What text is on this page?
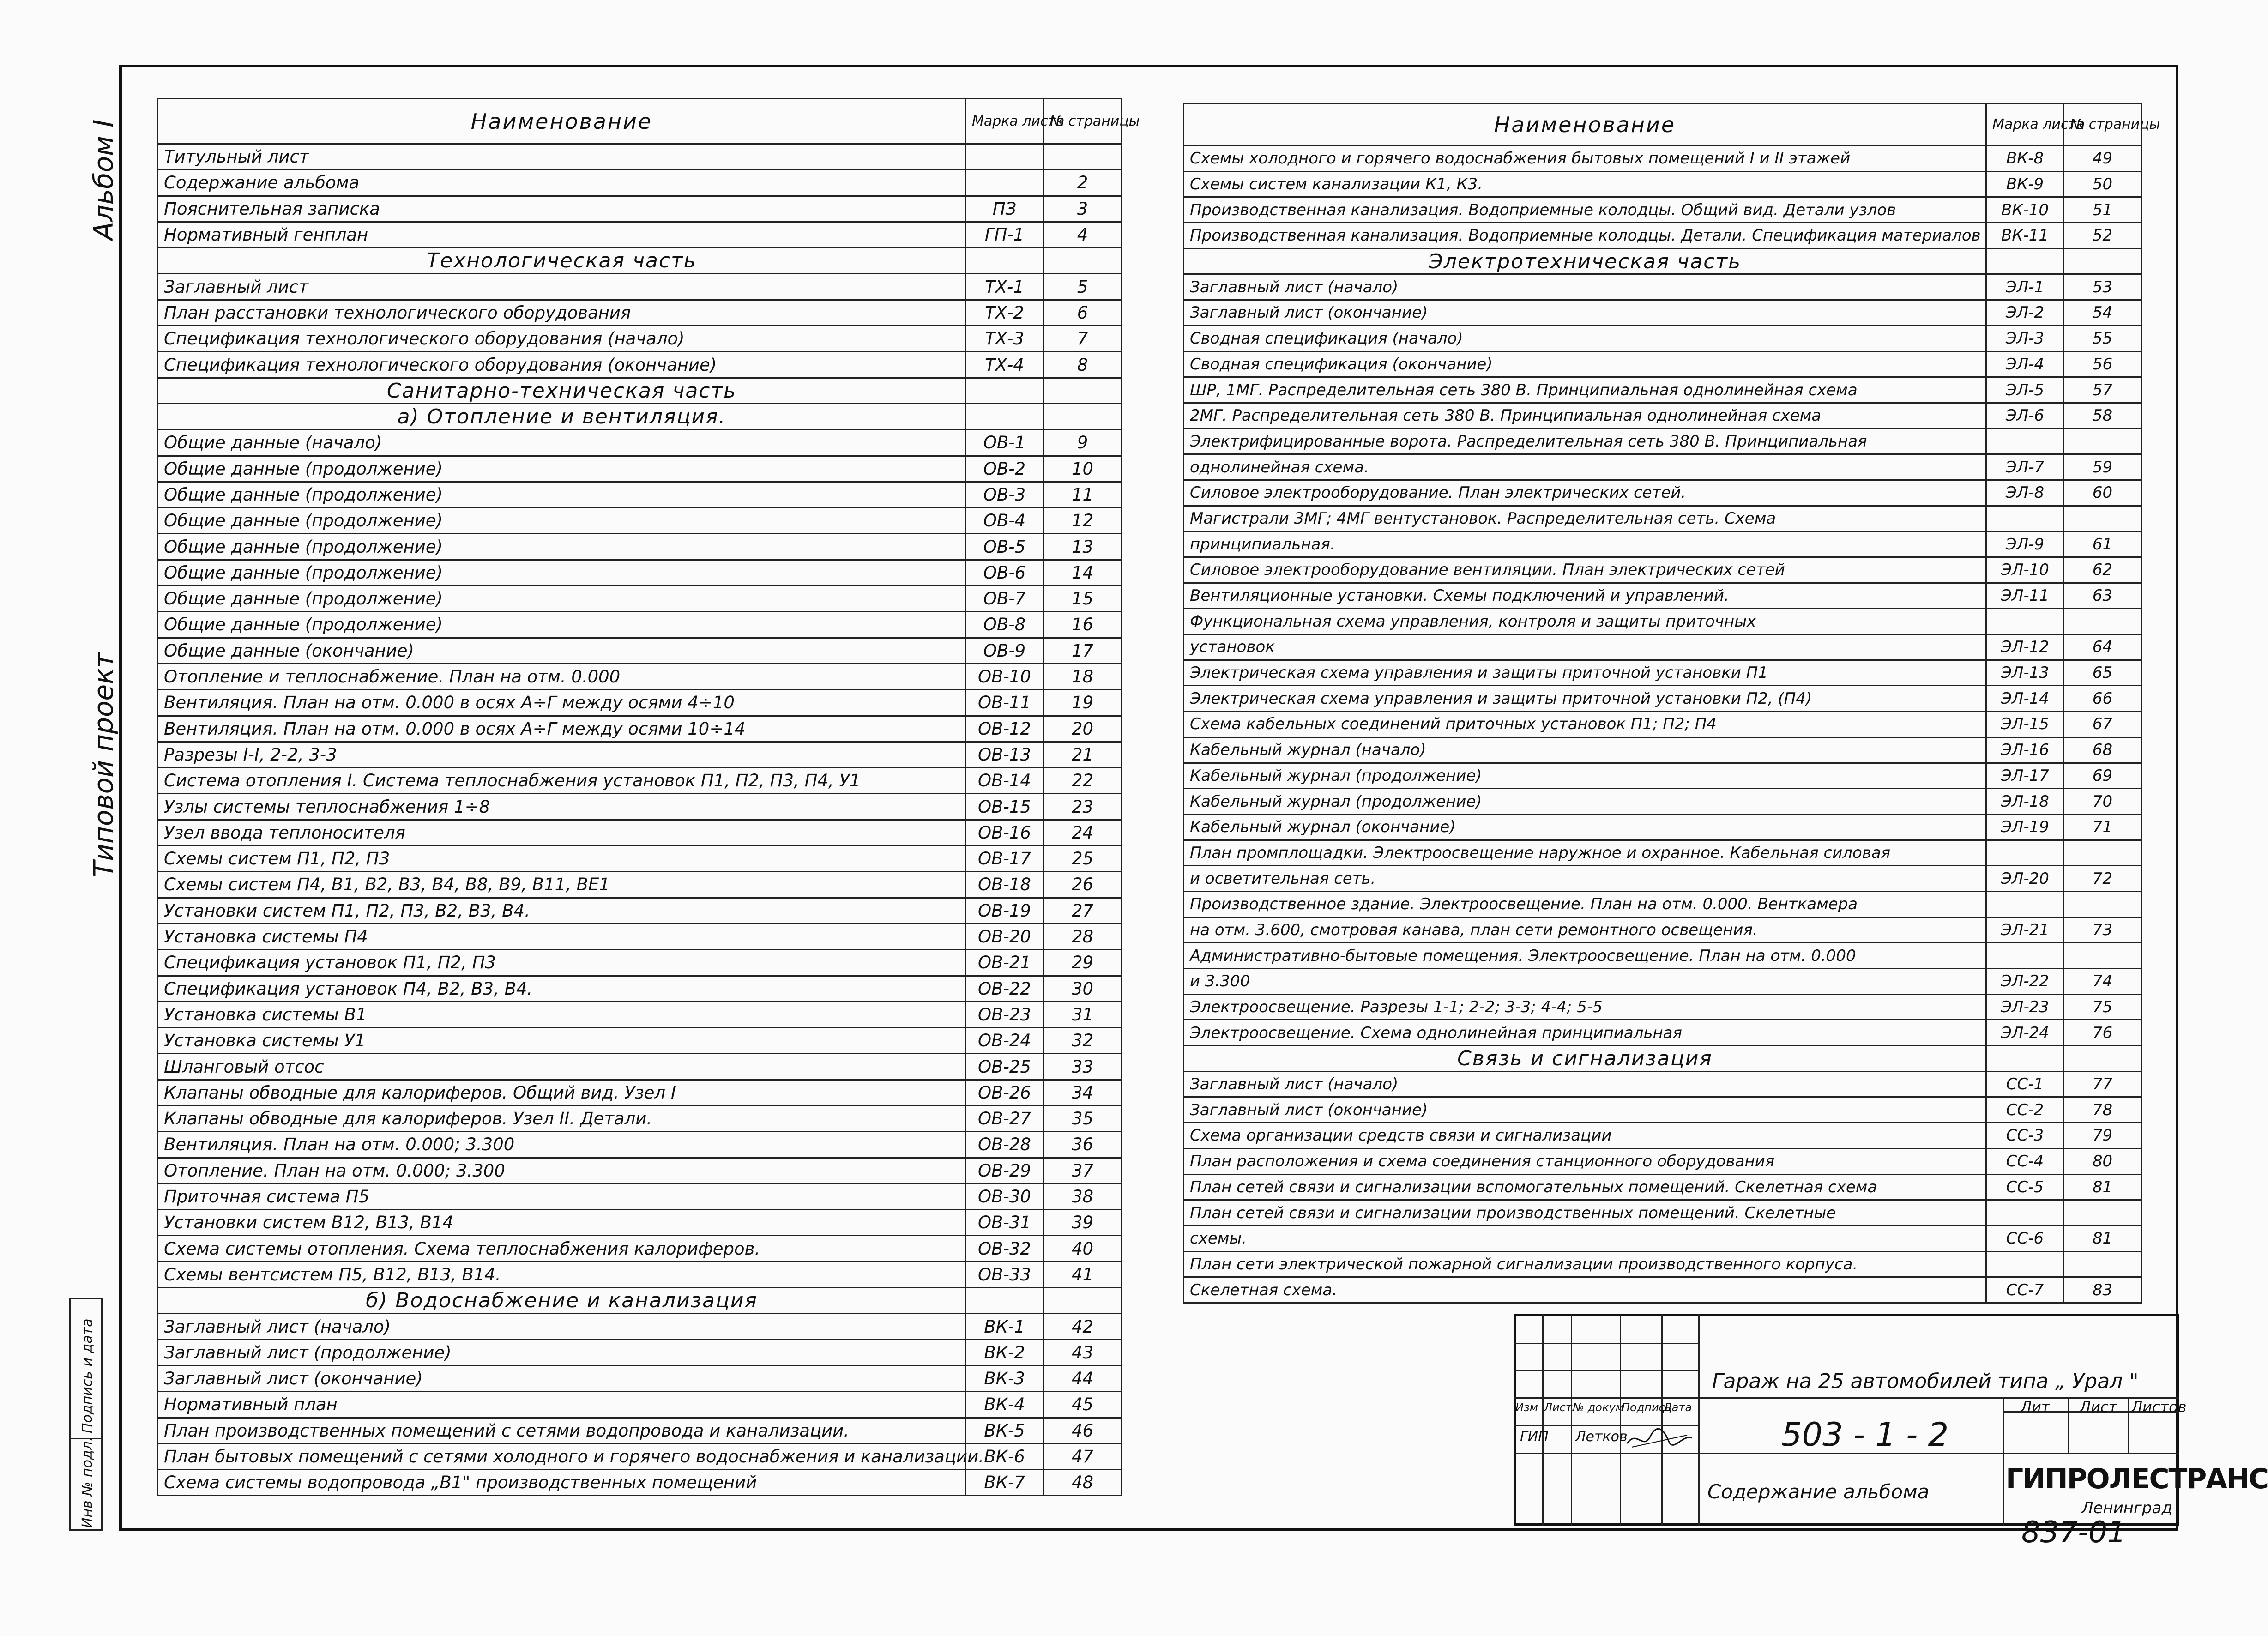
Альбом I
Типовой проект
Подпись и дата
Инв № подл.
Наименование	Марка листа	№ страницы
Титульный лист		
Содержание альбома		2
Пояснительная записка	ПЗ	3
Нормативный генплан	ГП-1	4
Технологическая часть		
Заглавный лист	ТХ-1	5
План расстановки технологического оборудования	ТХ-2	6
Спецификация технологического оборудования (начало)	ТХ-3	7
Спецификация технологического оборудования (окончание)	ТХ-4	8
Санитарно-техническая часть		
а) Отопление и вентиляция.		
Общие данные (начало)	ОВ-1	9
Общие данные (продолжение)	ОВ-2	10
Общие данные (продолжение)	ОВ-3	11
Общие данные (продолжение)	ОВ-4	12
Общие данные (продолжение)	ОВ-5	13
Общие данные (продолжение)	ОВ-6	14
Общие данные (продолжение)	ОВ-7	15
Общие данные (продолжение)	ОВ-8	16
Общие данные (окончание)	ОВ-9	17
Отопление и теплоснабжение. План на отм. 0.000	ОВ-10	18
Вентиляция. План на отм. 0.000 в осях А÷Г между осями 4÷10	ОВ-11	19
Вентиляция. План на отм. 0.000 в осях А÷Г между осями 10÷14	ОВ-12	20
Разрезы I-I, 2-2, 3-3	ОВ-13	21
Система отопления I. Система теплоснабжения установок П1, П2, П3, П4, У1	ОВ-14	22
Узлы системы теплоснабжения 1÷8	ОВ-15	23
Узел ввода теплоносителя	ОВ-16	24
Схемы систем П1, П2, П3	ОВ-17	25
Схемы систем П4, В1, В2, В3, В4, В8, В9, В11, ВЕ1	ОВ-18	26
Установки систем П1, П2, П3, В2, В3, В4.	ОВ-19	27
Установка системы П4	ОВ-20	28
Спецификация установок П1, П2, П3	ОВ-21	29
Спецификация установок П4, В2, В3, В4.	ОВ-22	30
Установка системы В1	ОВ-23	31
Установка системы У1	ОВ-24	32
Шланговый отсос	ОВ-25	33
Клапаны обводные для калориферов. Общий вид. Узел I	ОВ-26	34
Клапаны обводные для калориферов. Узел II. Детали.	ОВ-27	35
Вентиляция. План на отм. 0.000; 3.300	ОВ-28	36
Отопление. План на отм. 0.000; 3.300	ОВ-29	37
Приточная система П5	ОВ-30	38
Установки систем В12, В13, В14	ОВ-31	39
Схема системы отопления. Схема теплоснабжения калориферов.	ОВ-32	40
Схемы вентсистем П5, В12, В13, В14.	ОВ-33	41
б) Водоснабжение и канализация		
Заглавный лист (начало)	ВК-1	42
Заглавный лист (продолжение)	ВК-2	43
Заглавный лист (окончание)	ВК-3	44
Нормативный план	ВК-4	45
План производственных помещений с сетями водопровода и канализации.	ВК-5	46
План бытовых помещений с сетями холодного и горячего водоснабжения и канализации.	ВК-6	47
Схема системы водопровода „В1" производственных помещений	ВК-7	48
Наименование	Марка листа	№ страницы
Схемы холодного и горячего водоснабжения бытовых помещений I и II этажей	ВК-8	49
Схемы систем канализации К1, К3.	ВК-9	50
Производственная канализация. Водоприемные колодцы. Общий вид. Детали узлов	ВК-10	51
Производственная канализация. Водоприемные колодцы. Детали. Спецификация материалов	ВК-11	52
Электротехническая часть		
Заглавный лист (начало)	ЭЛ-1	53
Заглавный лист (окончание)	ЭЛ-2	54
Сводная спецификация (начало)	ЭЛ-3	55
Сводная спецификация (окончание)	ЭЛ-4	56
ШР, 1МГ. Распределительная сеть 380 В. Принципиальная однолинейная схема	ЭЛ-5	57
2МГ. Распределительная сеть 380 В. Принципиальная однолинейная схема	ЭЛ-6	58
Электрифицированные ворота. Распределительная сеть 380 В. Принципиальная		
однолинейная схема.	ЭЛ-7	59
Силовое электрооборудование. План электрических сетей.	ЭЛ-8	60
Магистрали 3МГ; 4МГ вентустановок. Распределительная сеть. Схема		
принципиальная.	ЭЛ-9	61
Силовое электрооборудование вентиляции. План электрических сетей	ЭЛ-10	62
Вентиляционные установки. Схемы подключений и управлений.	ЭЛ-11	63
Функциональная схема управления, контроля и защиты приточных		
установок	ЭЛ-12	64
Электрическая схема управления и защиты приточной установки П1	ЭЛ-13	65
Электрическая схема управления и защиты приточной установки П2, (П4)	ЭЛ-14	66
Схема кабельных соединений приточных установок П1; П2; П4	ЭЛ-15	67
Кабельный журнал (начало)	ЭЛ-16	68
Кабельный журнал (продолжение)	ЭЛ-17	69
Кабельный журнал (продолжение)	ЭЛ-18	70
Кабельный журнал (окончание)	ЭЛ-19	71
План промплощадки. Электроосвещение наружное и охранное. Кабельная силовая		
и осветительная сеть.	ЭЛ-20	72
Производственное здание. Электроосвещение. План на отм. 0.000. Венткамера		
на отм. 3.600, смотровая канава, план сети ремонтного освещения.	ЭЛ-21	73
Административно-бытовые помещения. Электроосвещение. План на отм. 0.000		
и 3.300	ЭЛ-22	74
Электроосвещение. Разрезы 1-1; 2-2; 3-3; 4-4; 5-5	ЭЛ-23	75
Электроосвещение. Схема однолинейная принципиальная	ЭЛ-24	76
Связь и сигнализация		
Заглавный лист (начало)	СС-1	77
Заглавный лист (окончание)	СС-2	78
Схема организации средств связи и сигнализации	СС-3	79
План расположения и схема соединения станционного оборудования	СС-4	80
План сетей связи и сигнализации вспомогательных помещений. Скелетная схема	СС-5	81
План сетей связи и сигнализации производственных помещений. Скелетные		
схемы.	СС-6	81
План сети электрической пожарной сигнализации производственного корпуса.		
Скелетная схема.	СС-7	83
Изм Лист № докум
Подпись
Дата
ГИП Летков
Гараж на 25 автомобилей типа „ Урал "
503 - 1 - 2
Лит Лист Листов
Содержание альбома	ГИПРОЛЕСТРАНС
Ленинград
837-01
